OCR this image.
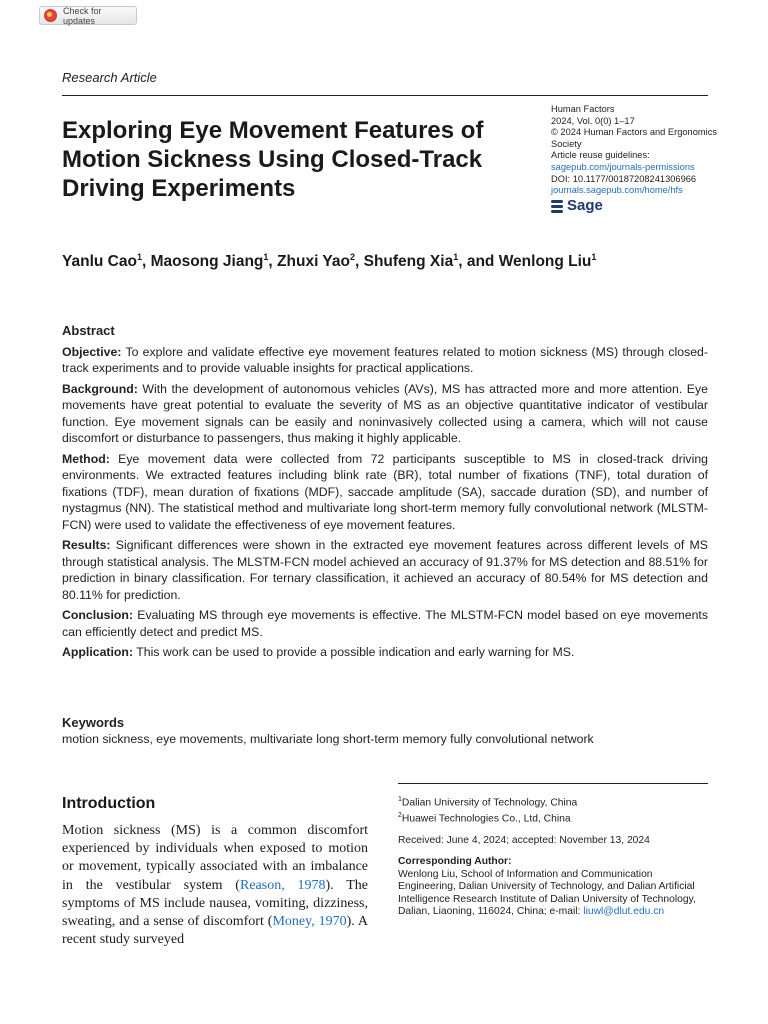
Check for updates
Research Article
Exploring Eye Movement Features of Motion Sickness Using Closed-Track Driving Experiments
Human Factors
2024, Vol. 0(0) 1–17
© 2024 Human Factors and Ergonomics Society
Article reuse guidelines:
sagepub.com/journals-permissions
DOI: 10.1177/00187208241306966
journals.sagepub.com/home/hfs
Sage
Yanlu Cao$^1$, Maosong Jiang$^1$, Zhuxi Yao$^2$, Shufeng Xia$^1$, and Wenlong Liu$^1$
Abstract

Objective: To explore and validate effective eye movement features related to motion sickness (MS) through closed-track experiments and to provide valuable insights for practical applications.

Background: With the development of autonomous vehicles (AVs), MS has attracted more and more attention. Eye movements have great potential to evaluate the severity of MS as an objective quantitative indicator of vestibular function. Eye movement signals can be easily and noninvasively collected using a camera, which will not cause discomfort or disturbance to passengers, thus making it highly applicable.

Method: Eye movement data were collected from 72 participants susceptible to MS in closed-track driving environments. We extracted features including blink rate (BR), total number of fixations (TNF), total duration of fixations (TDF), mean duration of fixations (MDF), saccade amplitude (SA), saccade duration (SD), and number of nystagmus (NN). The statistical method and multivariate long short-term memory fully convolutional network (MLSTM-FCN) were used to validate the effectiveness of eye movement features.

Results: Significant differences were shown in the extracted eye movement features across different levels of MS through statistical analysis. The MLSTM-FCN model achieved an accuracy of 91.37% for MS detection and 88.51% for prediction in binary classification. For ternary classification, it achieved an accuracy of 80.54% for MS detection and 80.11% for prediction.

Conclusion: Evaluating MS through eye movements is effective. The MLSTM-FCN model based on eye movements can efficiently detect and predict MS.

Application: This work can be used to provide a possible indication and early warning for MS.

Keywords
motion sickness, eye movements, multivariate long short-term memory fully convolutional network
Introduction

Motion sickness (MS) is a common discomfort experienced by individuals when exposed to motion or movement, typically associated with an imbalance in the vestibular system (Reason, 1978). The symptoms of MS include nausea, vomiting, dizziness, sweating, and a sense of discomfort (Money, 1970). A recent study surveyed

$^1$Dalian University of Technology, China

$^2$Huawei Technologies Co., Ltd, China

Received: June 4, 2024; accepted: November 13, 2024

Corresponding Author:

Wenlong Liu, School of Information and Communication Engineering, Dalian University of Technology, and Dalian Artificial Intelligence Research Institute of Dalian University of Technology, Dalian, Liaoning, 116024, China; e-mail: liuwl@dlut.edu.cn
